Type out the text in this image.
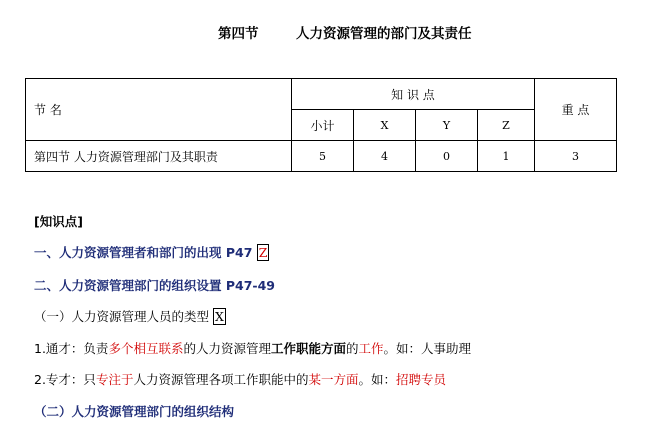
第四节	人力资源管理的部门及其责任
节 名	知 识 点				重 点
	小计	X	Y	Z	
第四节 人力资源管理部门及其职责	5	4	0	1	3
[知识点]
一、人力资源管理者和部门的出现 P47 Z
二、人力资源管理部门的组织设置 P47-49
（一）人力资源管理人员的类型 X
1.通才：负责多个相互联系的人力资源管理工作职能方面的工作。如：人事助理
2.专才：只专注于人力资源管理各项工作职能中的某一方面。如：招聘专员
（二）人力资源管理部门的组织结构
